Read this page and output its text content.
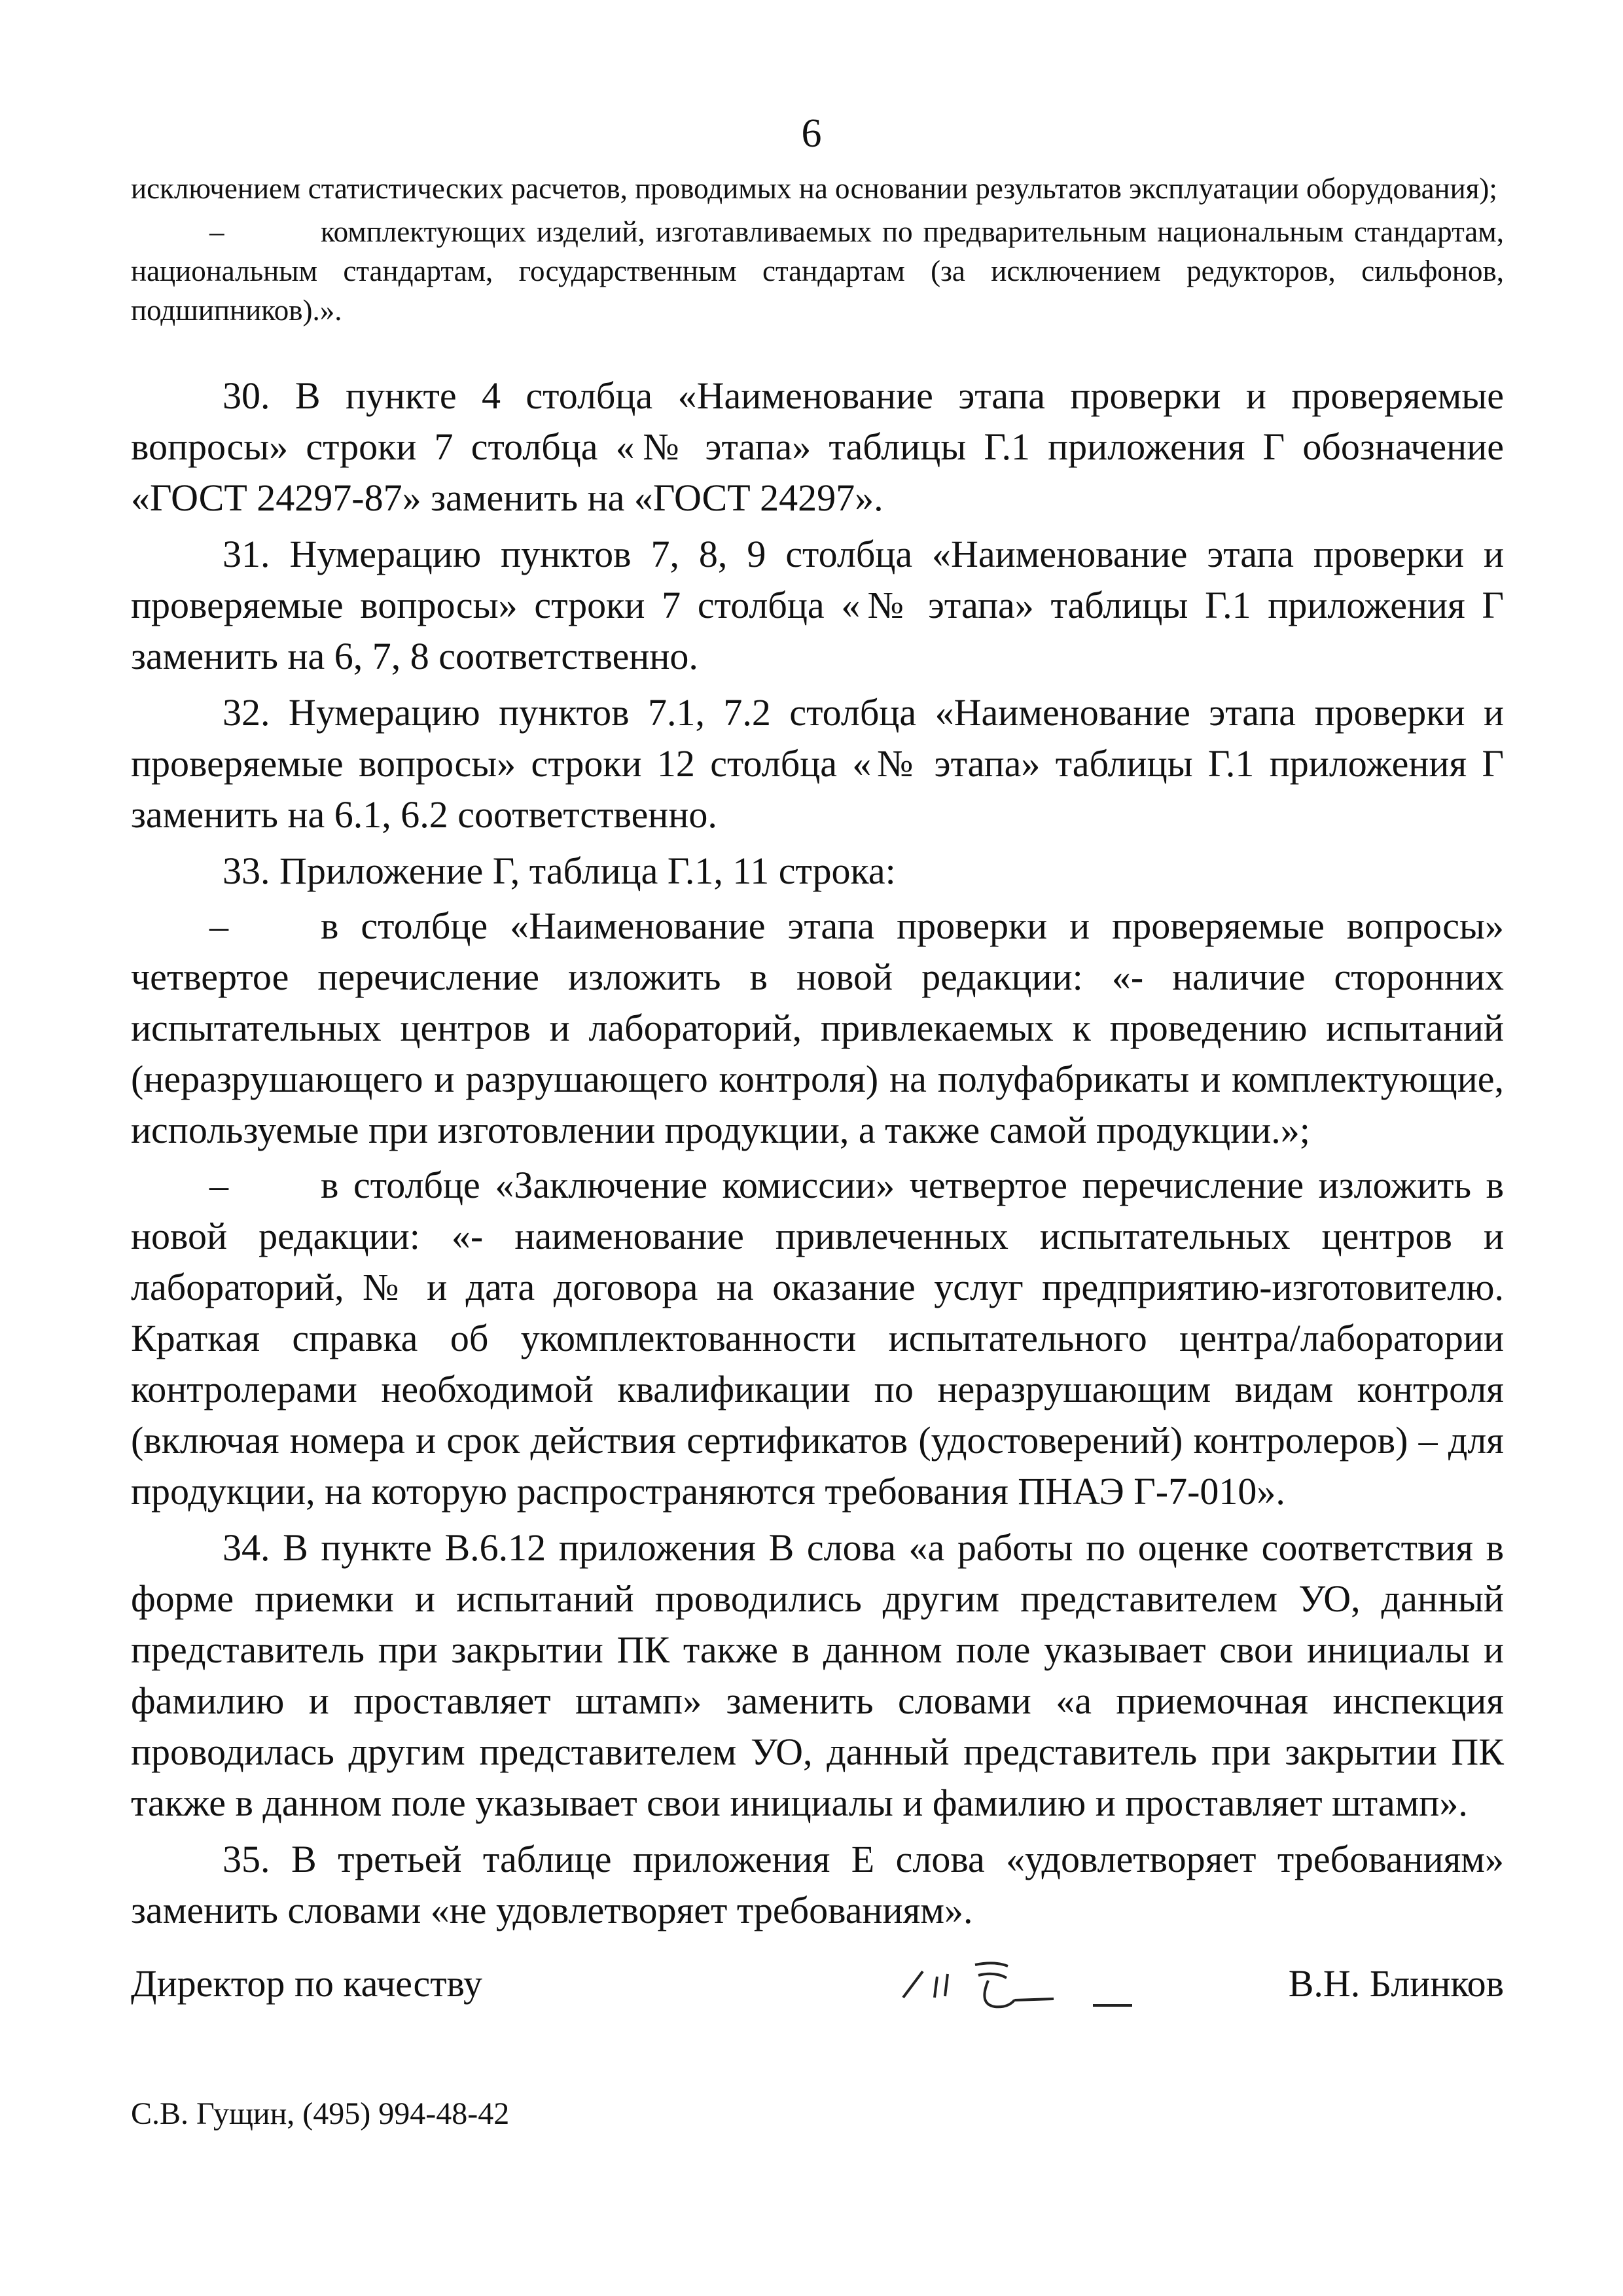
6

исключением статистических расчетов, проводимых на основании результатов эксплуатации оборудования);

–	комплектующих изделий, изготавливаемых по предварительным национальным стандартам, национальным стандартам, государственным стандартам (за исключением редукторов, сильфонов, подшипников).».

30. В пункте 4 столбца «Наименование этапа проверки и проверяемые вопросы» строки 7 столбца «№ этапа» таблицы Г.1 приложения Г обозначение «ГОСТ 24297-87» заменить на «ГОСТ 24297».

31. Нумерацию пунктов 7, 8, 9 столбца «Наименование этапа проверки и проверяемые вопросы» строки 7 столбца «№ этапа» таблицы Г.1 приложения Г заменить на 6, 7, 8 соответственно.

32. Нумерацию пунктов 7.1, 7.2 столбца «Наименование этапа проверки и проверяемые вопросы» строки 12 столбца «№ этапа» таблицы Г.1 приложения Г заменить на 6.1, 6.2 соответственно.

33. Приложение Г, таблица Г.1, 11 строка:

– в столбце «Наименование этапа проверки и проверяемые вопросы» четвертое перечисление изложить в новой редакции: «- наличие сторонних испытательных центров и лабораторий, привлекаемых к проведению испытаний (неразрушающего и разрушающего контроля) на полуфабрикаты и комплектующие, используемые при изготовлении продукции, а также самой продукции.»;

– в столбце «Заключение комиссии» четвертое перечисление изложить в новой редакции: «- наименование привлеченных испытательных центров и лабораторий, № и дата договора на оказание услуг предприятию-изготовителю. Краткая справка об укомплектованности испытательного центра/лаборатории контролерами необходимой квалификации по неразрушающим видам контроля (включая номера и срок действия сертификатов (удостоверений) контролеров) – для продукции, на которую распространяются требования ПНАЭ Г-7-010».

34. В пункте В.6.12 приложения В слова «а работы по оценке соответствия в форме приемки и испытаний проводились другим представителем УО, данный представитель при закрытии ПК также в данном поле указывает свои инициалы и фамилию и проставляет штамп» заменить словами «а приемочная инспекция проводилась другим представителем УО, данный представитель при закрытии ПК также в данном поле указывает свои инициалы и фамилию и проставляет штамп».

35. В третьей таблице приложения Е слова «удовлетворяет требованиям» заменить словами «не удовлетворяет требованиям».

Директор по качеству	В.Н. Блинков
С.В. Гущин, (495) 994-48-42
